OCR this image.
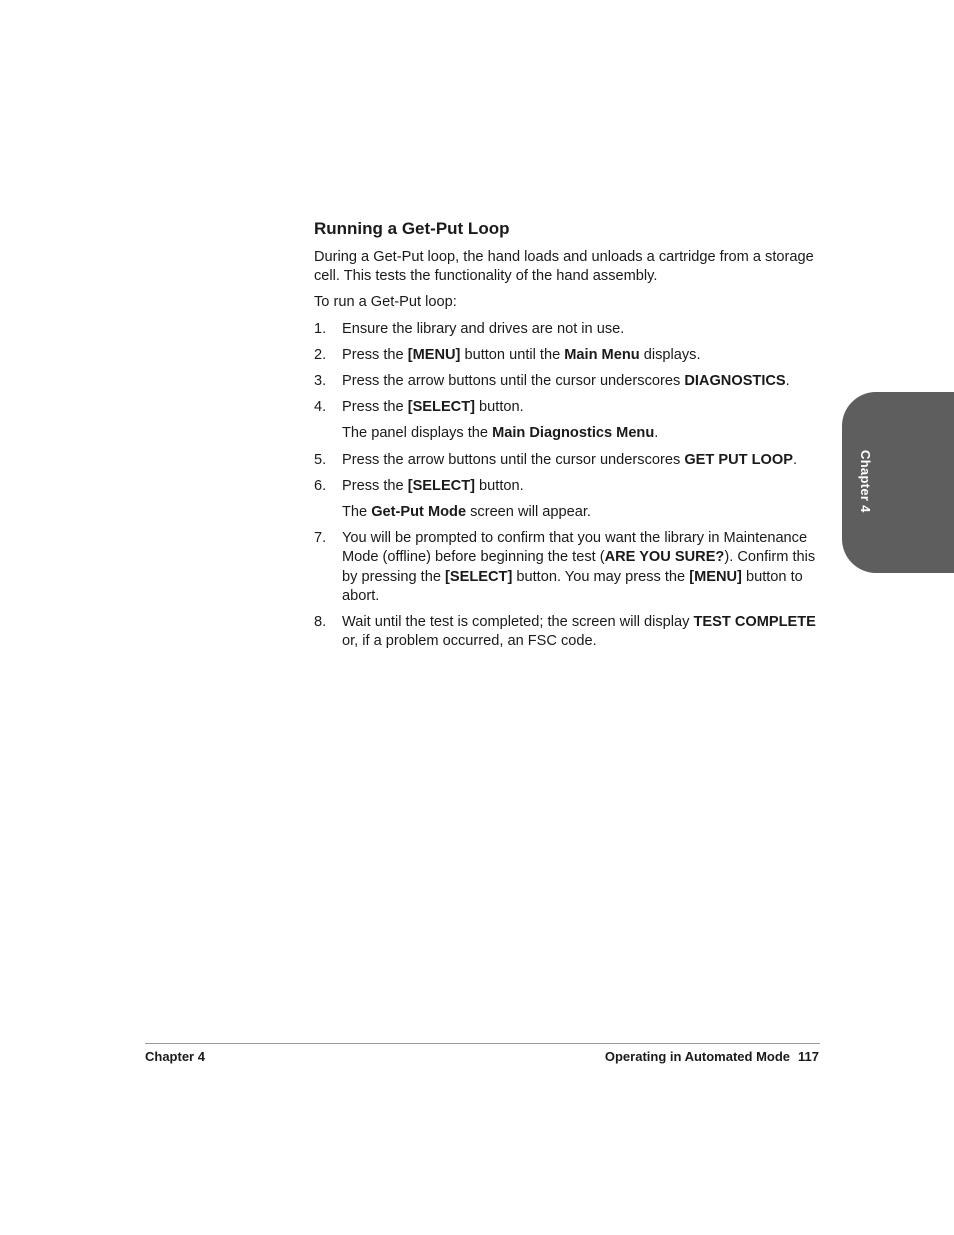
Running a Get-Put Loop

During a Get-Put loop, the hand loads and unloads a cartridge from a storage cell. This tests the functionality of the hand assembly.

To run a Get-Put loop:

1. Ensure the library and drives are not in use.
2. Press the [MENU] button until the Main Menu displays.
3. Press the arrow buttons until the cursor underscores DIAGNOSTICS.
4. Press the [SELECT] button.
The panel displays the Main Diagnostics Menu.
5. Press the arrow buttons until the cursor underscores GET PUT LOOP.
6. Press the [SELECT] button.
The Get-Put Mode screen will appear.
7. You will be prompted to confirm that you want the library in Maintenance Mode (offline) before beginning the test (ARE YOU SURE?). Confirm this by pressing the [SELECT] button. You may press the [MENU] button to abort.
8. Wait until the test is completed; the screen will display TEST COMPLETE or, if a problem occurred, an FSC code.
Chapter 4
Chapter 4	Operating in Automated Mode 117
